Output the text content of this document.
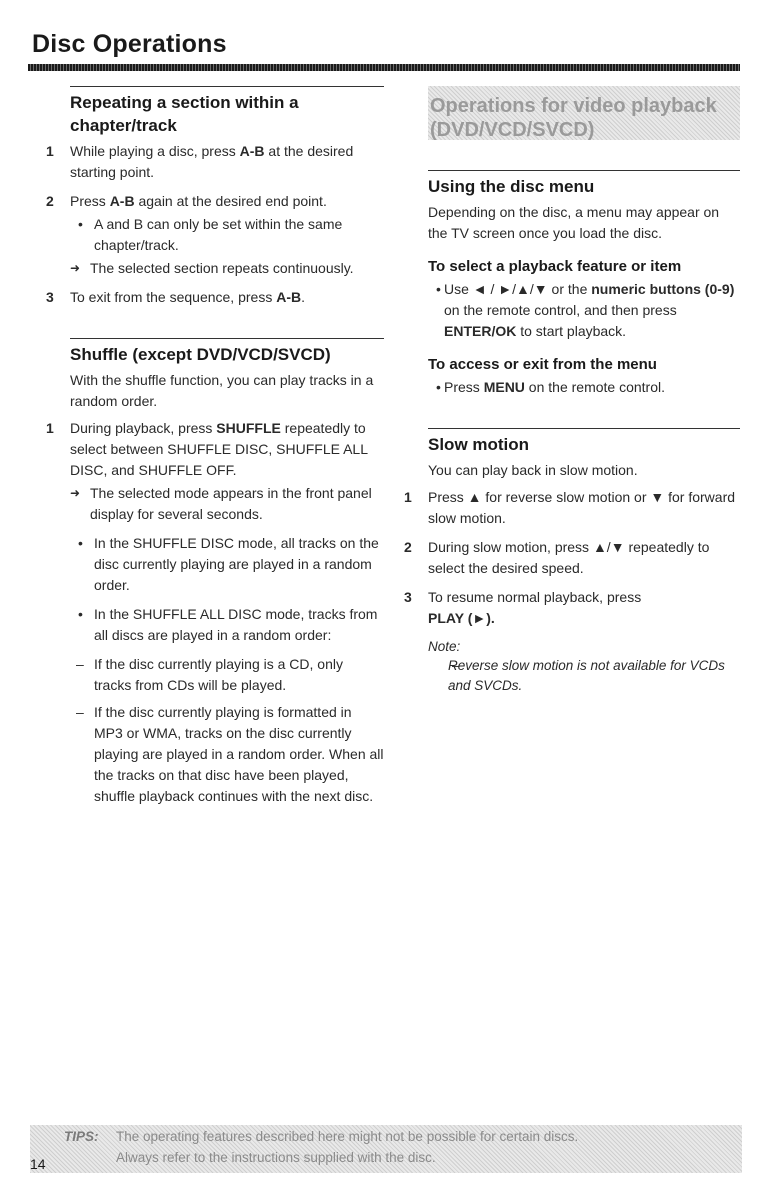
Disc Operations
Repeating a section within a chapter/track
1 While playing a disc, press A-B at the desired starting point.
2 Press A-B again at the desired end point.
• A and B can only be set within the same chapter/track.
➜ The selected section repeats continuously.
3 To exit from the sequence, press A-B.
Shuffle (except DVD/VCD/SVCD)

With the shuffle function, you can play tracks in a random order.

1 During playback, press SHUFFLE repeatedly to select between SHUFFLE DISC, SHUFFLE ALL DISC, and SHUFFLE OFF.
➜ The selected mode appears in the front panel display for several seconds.
• In the SHUFFLE DISC mode, all tracks on the disc currently playing are played in a random order.
• In the SHUFFLE ALL DISC mode, tracks from all discs are played in a random order:
– If the disc currently playing is a CD, only tracks from CDs will be played.
– If the disc currently playing is formatted in MP3 or WMA, tracks on the disc currently playing are played in a random order. When all the tracks on that disc have been played, shuffle playback continues with the next disc.

Operations for video playback (DVD/VCD/SVCD)

Using the disc menu

Depending on the disc, a menu may appear on the TV screen once you load the disc.

To select a playback feature or item
• Use ◄ / ►/▲/▼ or the numeric buttons (0-9) on the remote control, and then press ENTER/OK to start playback.
To access or exit from the menu
• Press MENU on the remote control.
Slow motion

You can play back in slow motion.

1 Press ▲ for reverse slow motion or ▼ for forward slow motion.
2 During slow motion, press ▲/▼ repeatedly to select the desired speed.
3 To resume normal playback, press
PLAY (►).
Note:
– Reverse slow motion is not available for VCDs and SVCDs.
TIPS: The operating features described here might not be possible for certain discs.
Always refer to the instructions supplied with the disc.
14
